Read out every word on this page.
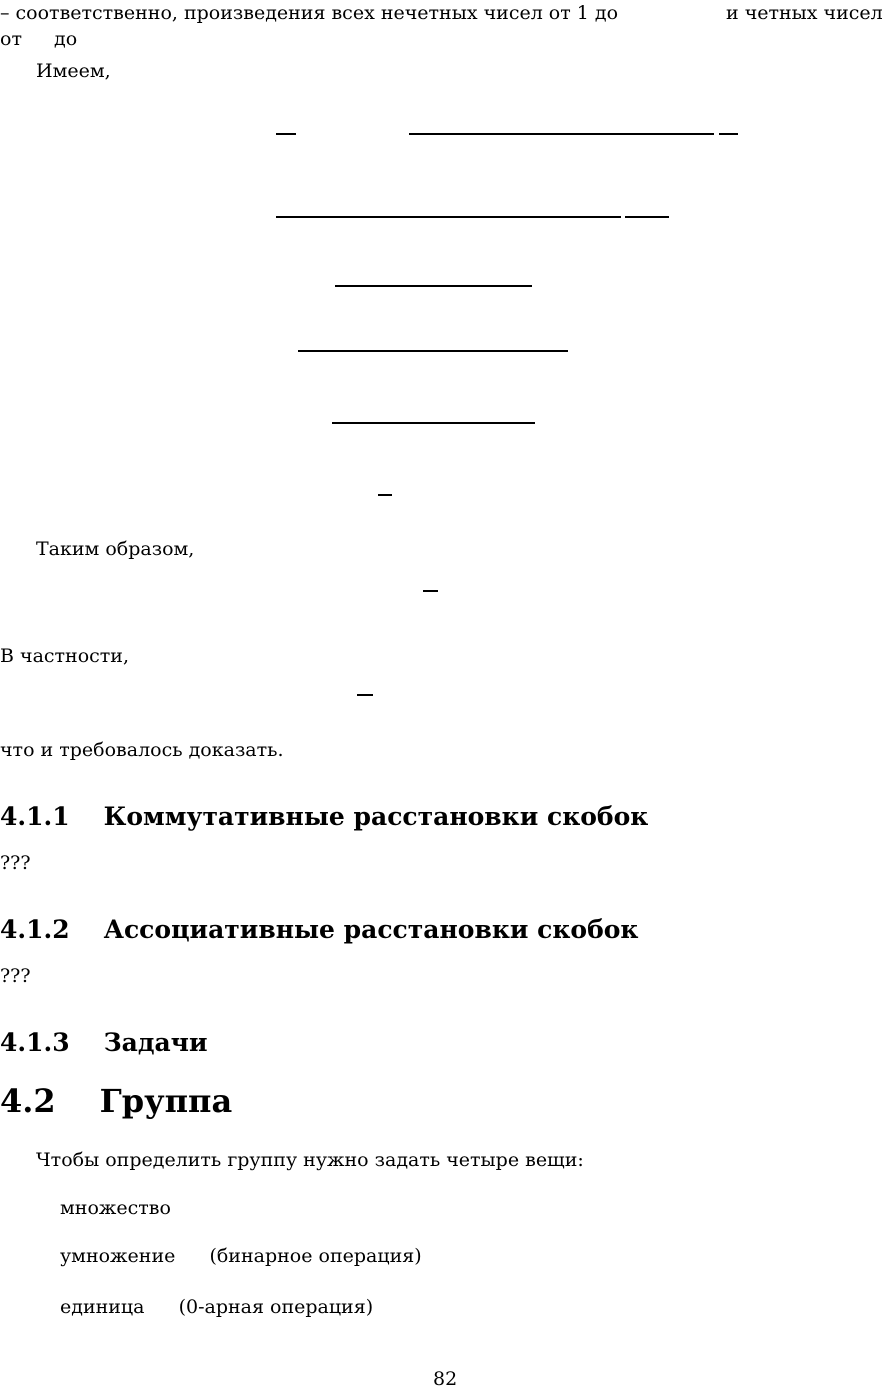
– соответственно, произведения всех нечетных чисел от 1 до	и четных чисел
от до
Имеем,
Таким образом,
В частности,
что и требовалось доказать.
4.1.1 Коммутативные расстановки скобок
???
4.1.2 Ассоциативные расстановки скобок
???
4.1.3 Задачи
4.2 Группа
Чтобы определить группу нужно задать четыре вещи:
множество
умножение (бинарное операция)
единица (0-арная операция)
82
